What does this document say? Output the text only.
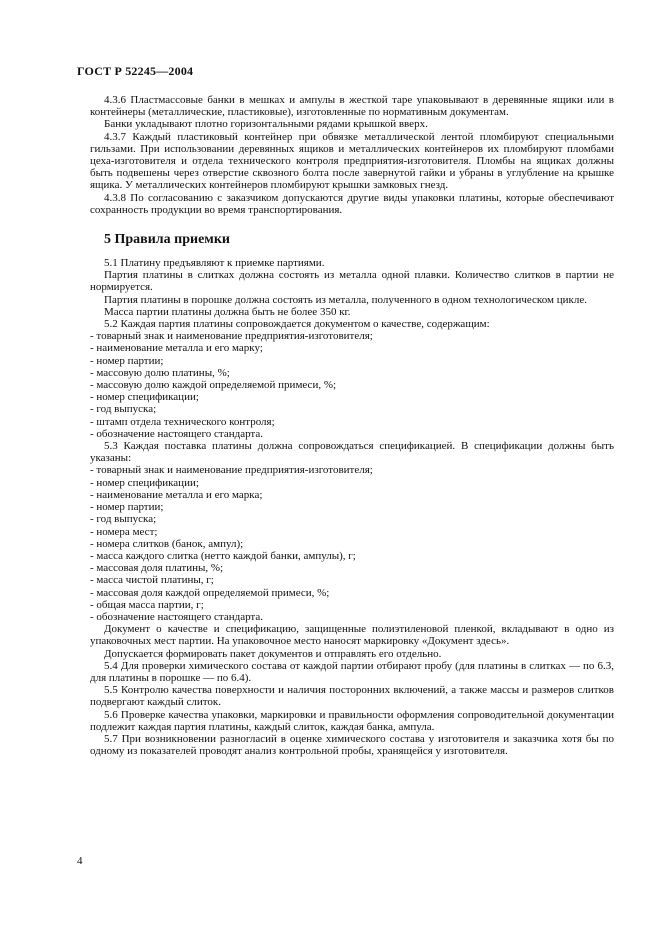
ГОСТ Р 52245—2004

4.3.6 Пластмассовые банки в мешках и ампулы в жесткой таре упаковывают в деревянные ящики или в контейнеры (металлические, пластиковые), изготовленные по нормативным документам.

Банки укладывают плотно горизонтальными рядами крышкой вверх.

4.3.7 Каждый пластиковый контейнер при обвязке металлической лентой пломбируют специальными гильзами. При использовании деревянных ящиков и металлических контейнеров их пломбируют пломбами цеха-изготовителя и отдела технического контроля предприятия-изготовителя. Пломбы на ящиках должны быть подвешены через отверстие сквозного болта после завернутой гайки и убраны в углубление на крышке ящика. У металлических контейнеров пломбируют крышки замковых гнезд.

4.3.8 По согласованию с заказчиком допускаются другие виды упаковки платины, которые обеспечивают сохранность продукции во время транспортирования.

5 Правила приемки

5.1 Платину предъявляют к приемке партиями.

Партия платины в слитках должна состоять из металла одной плавки. Количество слитков в партии не нормируется.

Партия платины в порошке должна состоять из металла, полученного в одном технологическом цикле.

Масса партии платины должна быть не более 350 кг.

5.2 Каждая партия платины сопровождается документом о качестве, содержащим:

- товарный знак и наименование предприятия-изготовителя;

- наименование металла и его марку;

- номер партии;

- массовую долю платины, %;

- массовую долю каждой определяемой примеси, %;

- номер спецификации;

- год выпуска;

- штамп отдела технического контроля;

- обозначение настоящего стандарта.

5.3 Каждая поставка платины должна сопровождаться спецификацией. В спецификации должны быть указаны:

- товарный знак и наименование предприятия-изготовителя;

- номер спецификации;

- наименование металла и его марка;

- номер партии;

- год выпуска;

- номера мест;

- номера слитков (банок, ампул);

- масса каждого слитка (нетто каждой банки, ампулы), г;

- массовая доля платины, %;

- масса чистой платины, г;

- массовая доля каждой определяемой примеси, %;

- общая масса партии, г;

- обозначение настоящего стандарта.

Документ о качестве и спецификацию, защищенные полиэтиленовой пленкой, вкладывают в одно из упаковочных мест партии. На упаковочное место наносят маркировку «Документ здесь».

Допускается формировать пакет документов и отправлять его отдельно.

5.4 Для проверки химического состава от каждой партии отбирают пробу (для платины в слитках — по 6.3, для платины в порошке — по 6.4).

5.5 Контролю качества поверхности и наличия посторонних включений, а также массы и размеров слитков подвергают каждый слиток.

5.6 Проверке качества упаковки, маркировки и правильности оформления сопроводительной документации подлежит каждая партия платины, каждый слиток, каждая банка, ампула.

5.7 При возникновении разногласий в оценке химического состава у изготовителя и заказчика хотя бы по одному из показателей проводят анализ контрольной пробы, хранящейся у изготовителя.

4
